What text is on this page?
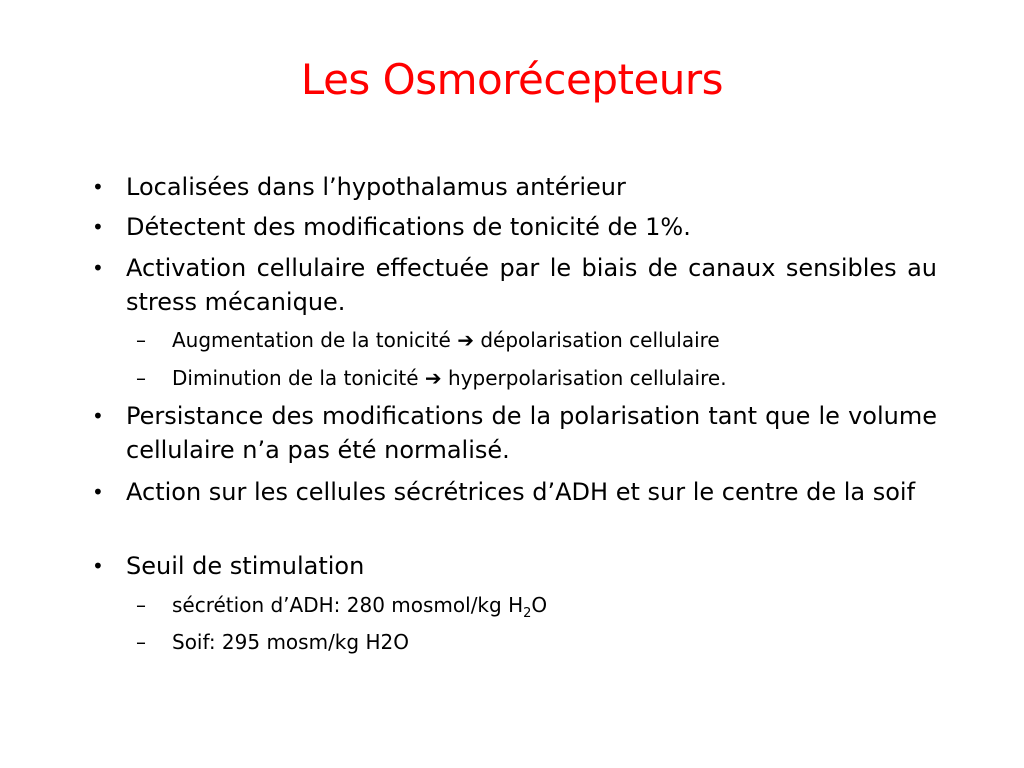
Les Osmorécepteurs
• Localisées dans l’hypothalamus antérieur
• Détectent des modifications de tonicité de 1%.
• Activation cellulaire effectuée par le biais de canaux sensibles au stress mécanique.
– Augmentation de la tonicité ➔ dépolarisation cellulaire
– Diminution de la tonicité ➔ hyperpolarisation cellulaire.
• Persistance des modifications de la polarisation tant que le volume cellulaire n’a pas été normalisé.
• Action sur les cellules sécrétrices d’ADH et sur le centre de la soif
• Seuil de stimulation
– sécrétion d’ADH: 280 mosmol/kg $H_2O$
– Soif: 295 mosm/kg H2O
